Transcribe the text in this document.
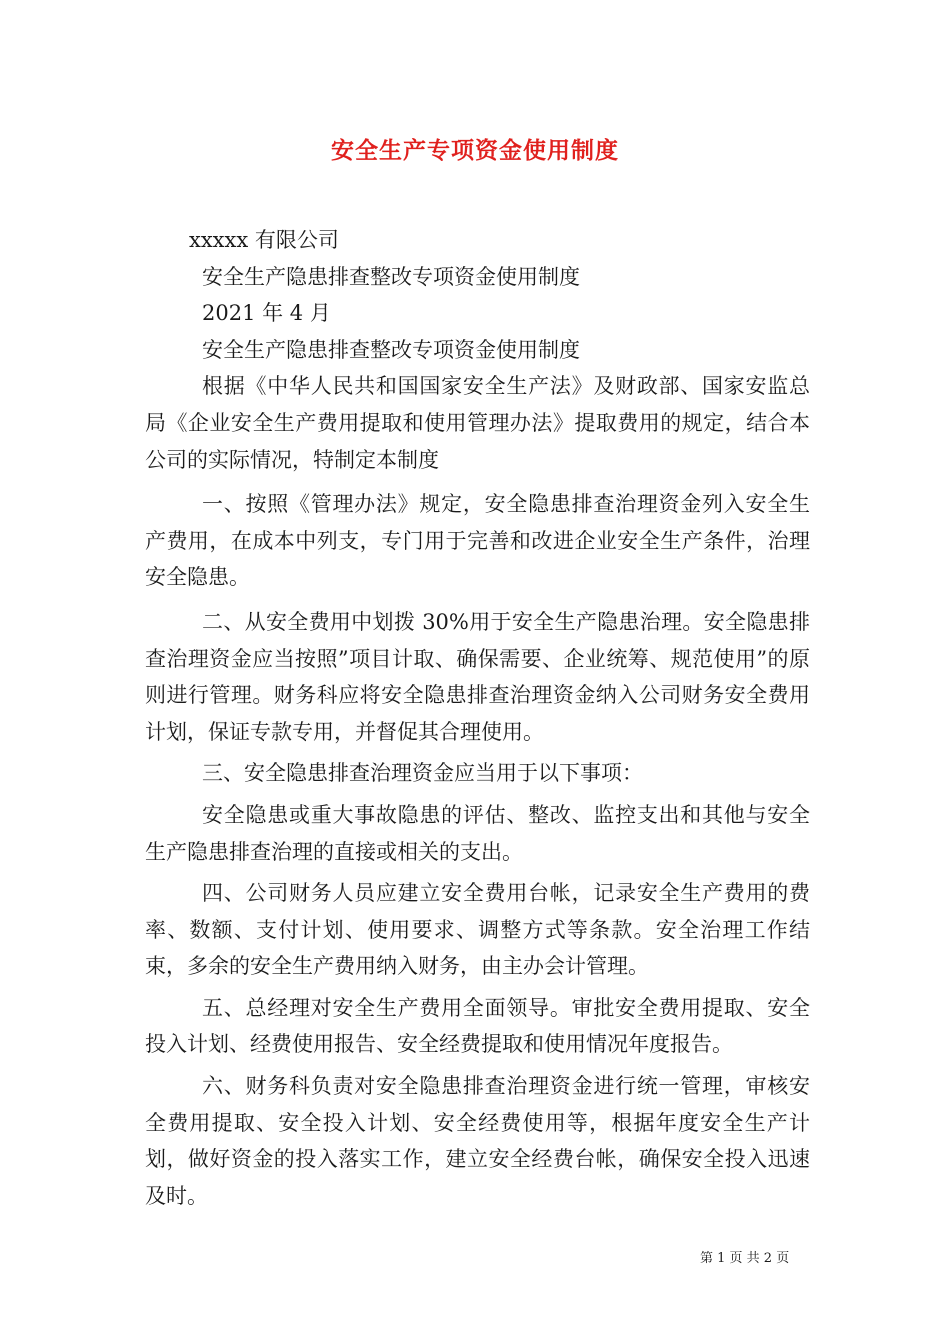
安全生产专项资金使用制度
xxxxx 有限公司
安全生产隐患排查整改专项资金使用制度
2021 年 4 月
安全生产隐患排查整改专项资金使用制度
根据《中华人民共和国国家安全生产法》及财政部、国家安监总局《企业安全生产费用提取和使用管理办法》提取费用的规定，结合本公司的实际情况，特制定本制度
一、按照《管理办法》规定，安全隐患排查治理资金列入安全生产费用，在成本中列支，专门用于完善和改进企业安全生产条件，治理安全隐患。
二、从安全费用中划拨 30%用于安全生产隐患治理。安全隐患排查治理资金应当按照”项目计取、确保需要、企业统筹、规范使用”的原则进行管理。财务科应将安全隐患排查治理资金纳入公司财务安全费用计划，保证专款专用，并督促其合理使用。
三、安全隐患排查治理资金应当用于以下事项：
安全隐患或重大事故隐患的评估、整改、监控支出和其他与安全生产隐患排查治理的直接或相关的支出。
四、公司财务人员应建立安全费用台帐，记录安全生产费用的费率、数额、支付计划、使用要求、调整方式等条款。安全治理工作结束，多余的安全生产费用纳入财务，由主办会计管理。
五、总经理对安全生产费用全面领导。审批安全费用提取、安全投入计划、经费使用报告、安全经费提取和使用情况年度报告。
六、财务科负责对安全隐患排查治理资金进行统一管理，审核安全费用提取、安全投入计划、安全经费使用等，根据年度安全生产计划，做好资金的投入落实工作，建立安全经费台帐，确保安全投入迅速及时。
第 1 页 共 2 页
